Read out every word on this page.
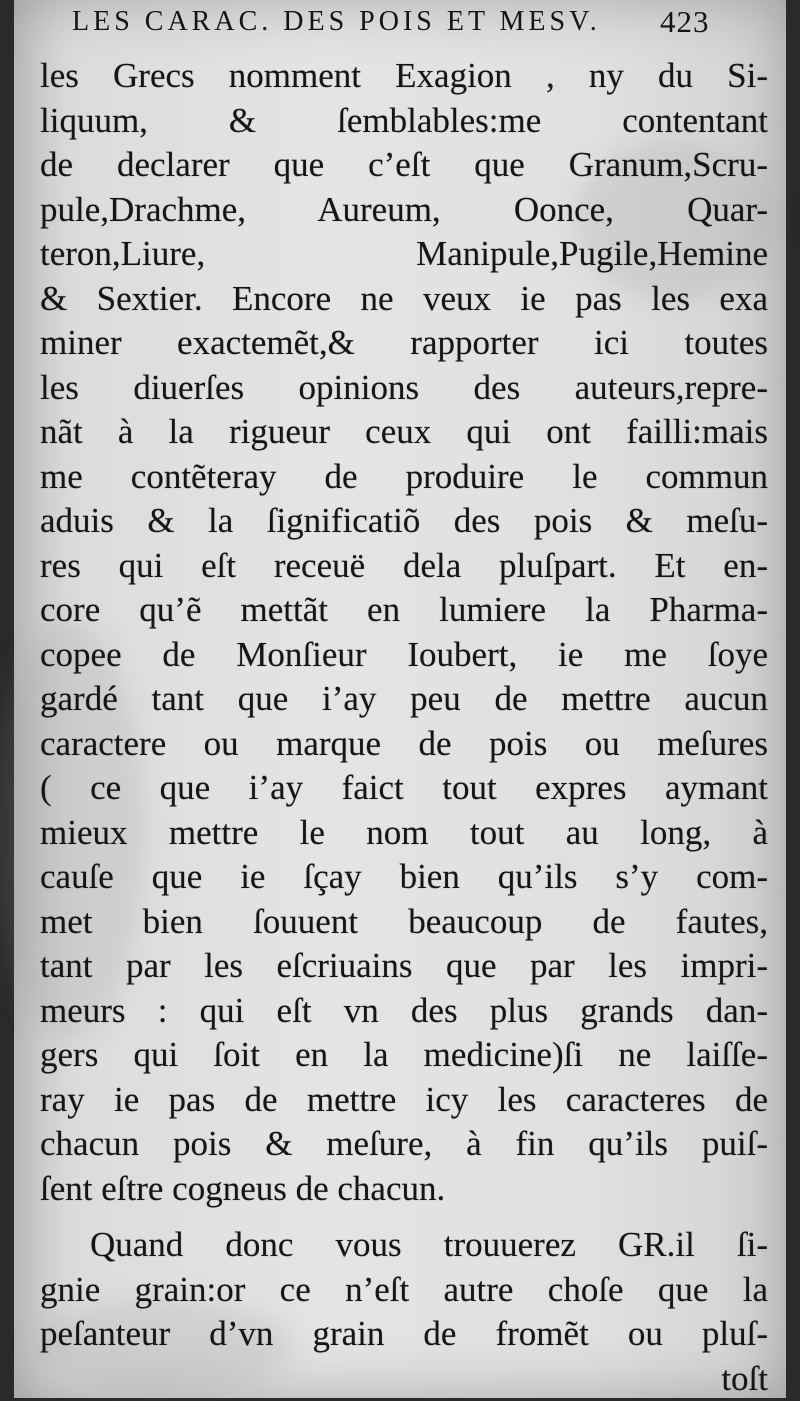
LES CARAC. DES POIS ET MESV. 423
les Grecs nomment Exagion , ny du Si-
liquum, & ſemblables:me contentant
de declarer que c’eſt que Granum,Scru-
pule,Drachme, Aureum, Oonce, Quar-
teron,Liure, Manipule,Pugile,Hemine
& Sextier. Encore ne veux ie pas les exa
miner exactemẽt,& rapporter ici toutes
les diuerſes opinions des auteurs,repre-
nãt à la rigueur ceux qui ont failli:mais
me contẽteray de produire le commun
aduis & la ſignificatiõ des pois & meſu-
res qui eſt receuë dela pluſpart. Et en-
core qu’ẽ mettãt en lumiere la Pharma-
copee de Monſieur Ioubert, ie me ſoye
gardé tant que i’ay peu de mettre aucun
caractere ou marque de pois ou meſures
( ce que i’ay faict tout expres aymant
mieux mettre le nom tout au long, à
cauſe que ie ſçay bien qu’ils s’y com-
met bien ſouuent beaucoup de fautes,
tant par les eſcriuains que par les impri-
meurs : qui eſt vn des plus grands dan-
gers qui ſoit en la medicine)ſi ne laiſſe-
ray ie pas de mettre icy les caracteres de
chacun pois & meſure, à fin qu’ils puiſ-
ſent eſtre cogneus de chacun.
Quand donc vous trouuerez GR.il ſi-
gnie grain:or ce n’eſt autre choſe que la
peſanteur d’vn grain de fromẽt ou pluſ-
toſt
